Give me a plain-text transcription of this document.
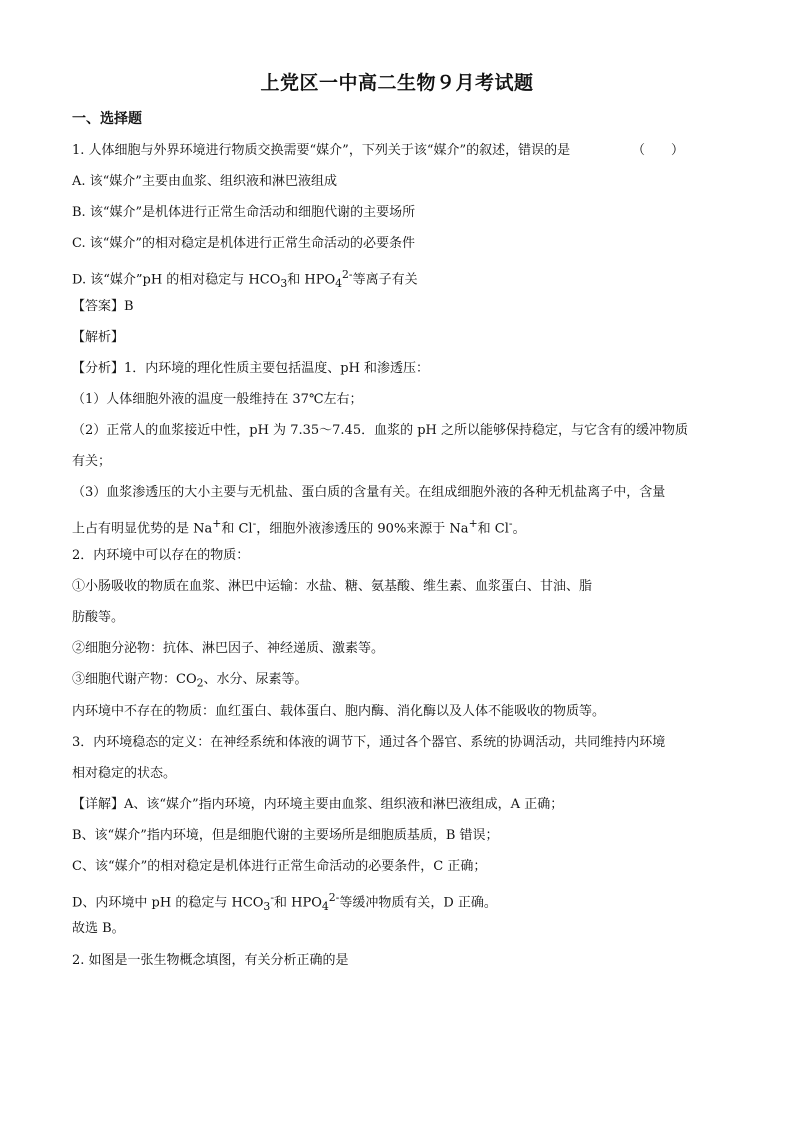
上党区一中高二生物９月考试题
一、选择题
1. 人体细胞与外界环境进行物质交换需要“媒介”，下列关于该“媒介”的叙述，错误的是	（　　）
A. 该“媒介”主要由血浆、组织液和淋巴液组成
B. 该“媒介”是机体进行正常生命活动和细胞代谢的主要场所
C. 该“媒介”的相对稳定是机体进行正常生命活动的必要条件
D. 该“媒介”pH 的相对稳定与 $HCO_3$和 $HPO_4^{2-}$等离子有关
【答案】B
【解析】
【分析】1．内环境的理化性质主要包括温度、pH 和渗透压：
（1）人体细胞外液的温度一般维持在 37℃左右；
（2）正常人的血浆接近中性，pH 为 7.35～7.45．血浆的 pH 之所以能够保持稳定，与它含有的缓冲物质
有关；
（3）血浆渗透压的大小主要与无机盐、蛋白质的含量有关。在组成细胞外液的各种无机盐离子中，含量
上占有明显优势的是 Na+和 Cl-，细胞外液渗透压的 90%来源于 Na+和 Cl-。
2．内环境中可以存在的物质：
①小肠吸收的物质在血浆、淋巴中运输：水盐、糖、氨基酸、维生素、血浆蛋白、甘油、脂
肪酸等。
②细胞分泌物：抗体、淋巴因子、神经递质、激素等。
③细胞代谢产物：$CO_2$、水分、尿素等。
内环境中不存在的物质：血红蛋白、载体蛋白、胞内酶、消化酶以及人体不能吸收的物质等。
3．内环境稳态的定义：在神经系统和体液的调节下，通过各个器官、系统的协调活动，共同维持内环境
相对稳定的状态。
【详解】A、该“媒介”指内环境，内环境主要由血浆、组织液和淋巴液组成，A 正确；
B、该“媒介”指内环境，但是细胞代谢的主要场所是细胞质基质，B 错误；
C、该“媒介”的相对稳定是机体进行正常生命活动的必要条件，C 正确；
D、内环境中 pH 的稳定与 $HCO_3^-$和 $HPO_4^{2-}$等缓冲物质有关，D 正确。
故选 B。
2. 如图是一张生物概念填图，有关分析正确的是
